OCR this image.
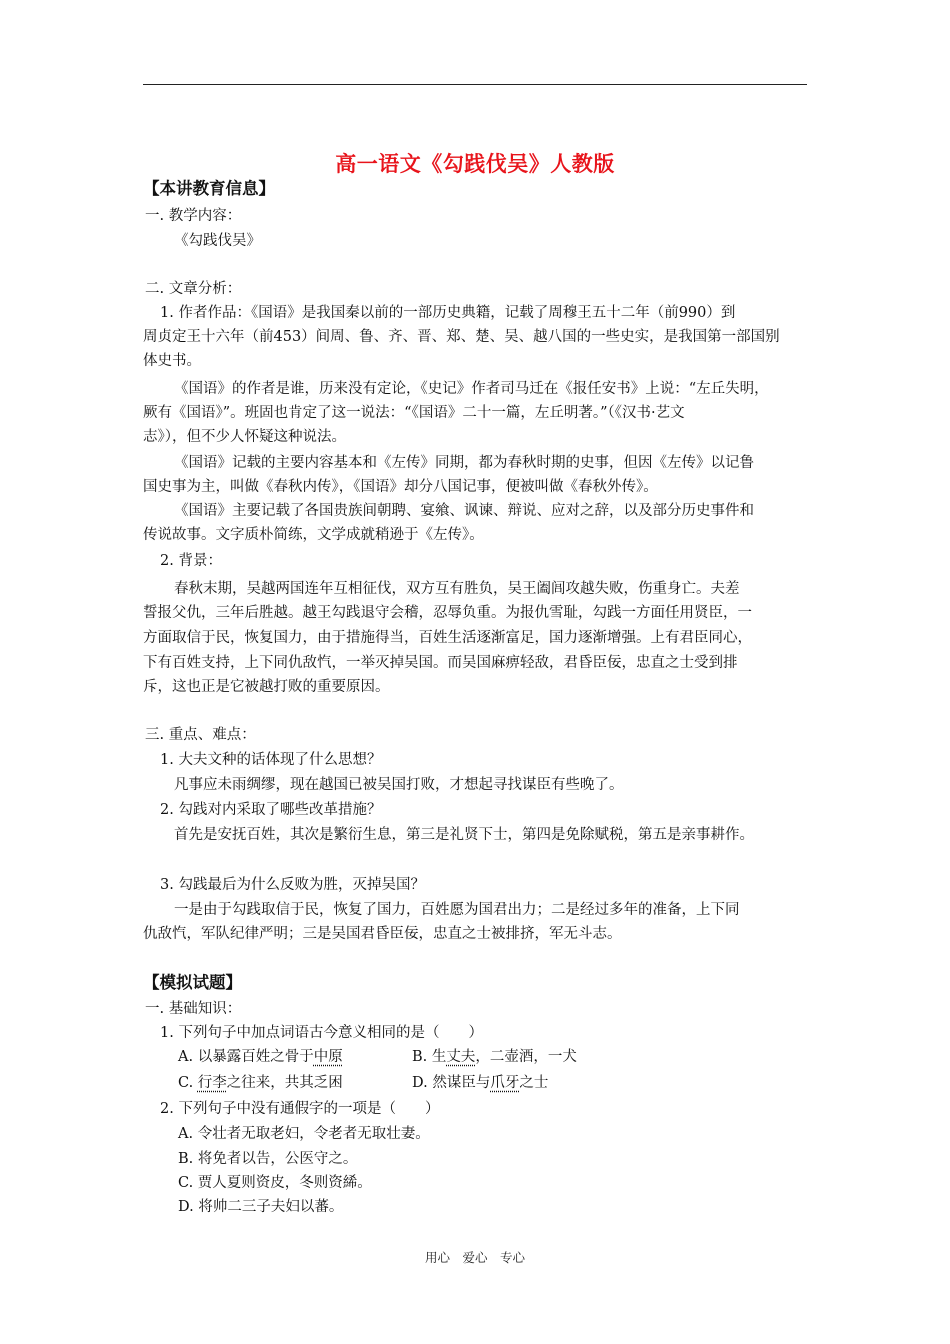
高一语文《勾践伐吴》人教版
【本讲教育信息】
一. 教学内容：
《勾践伐吴》
二. 文章分析：
1. 作者作品：《国语》是我国秦以前的一部历史典籍，记载了周穆王五十二年（前990）到
周贞定王十六年（前453）间周、鲁、齐、晋、郑、楚、吴、越八国的一些史实，是我国第一部国别
体史书。
《国语》的作者是谁，历来没有定论，《史记》作者司马迁在《报任安书》上说：“左丘失明，
厥有《国语》”。班固也肯定了这一说法：“《国语》二十一篇，左丘明著。”（《汉书·艺文
志》），但不少人怀疑这种说法。
《国语》记载的主要内容基本和《左传》同期，都为春秋时期的史事，但因《左传》以记鲁
国史事为主，叫做《春秋内传》，《国语》却分八国记事，便被叫做《春秋外传》。
《国语》主要记载了各国贵族间朝聘、宴飨、讽谏、辩说、应对之辞，以及部分历史事件和
传说故事。文字质朴简练，文学成就稍逊于《左传》。
2. 背景：
春秋末期，吴越两国连年互相征伐，双方互有胜负，吴王阖闾攻越失败，伤重身亡。夫差
誓报父仇，三年后胜越。越王勾践退守会稽，忍辱负重。为报仇雪耻，勾践一方面任用贤臣，一
方面取信于民，恢复国力，由于措施得当，百姓生活逐渐富足，国力逐渐增强。上有君臣同心，
下有百姓支持，上下同仇敌忾，一举灭掉吴国。而吴国麻痹轻敌，君昏臣佞，忠直之士受到排
斥，这也正是它被越打败的重要原因。
三. 重点、难点：
1. 大夫文种的话体现了什么思想？
凡事应未雨绸缪，现在越国已被吴国打败，才想起寻找谋臣有些晚了。
2. 勾践对内采取了哪些改革措施？
首先是安抚百姓，其次是繁衍生息，第三是礼贤下士，第四是免除赋税，第五是亲事耕作。
3. 勾践最后为什么反败为胜，灭掉吴国？
一是由于勾践取信于民，恢复了国力，百姓愿为国君出力；二是经过多年的准备，上下同
仇敌忾，军队纪律严明；三是吴国君昏臣佞，忠直之士被排挤，军无斗志。
【模拟试题】
一. 基础知识：
1. 下列句子中加点词语古今意义相同的是（　　）
A. 以暴露百姓之骨于中原	B. 生丈夫，二壶酒，一犬
C. 行李之往来，共其乏困	D. 然谋臣与爪牙之士
2. 下列句子中没有通假字的一项是（　　）
A. 令壮者无取老妇，令老者无取壮妻。
B. 将免者以告，公医守之。
C. 贾人夏则资皮，冬则资絺。
D. 将帅二三子夫妇以蕃。
用心　爱心　专心
